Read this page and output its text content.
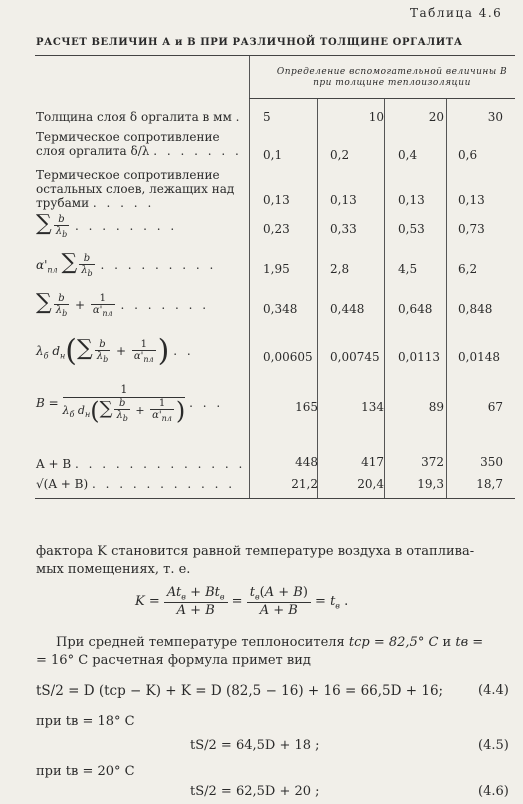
Таблица 4.6
РАСЧЕТ ВЕЛИЧИН А и В ПРИ РАЗЛИЧНОЙ ТОЛЩИНЕ ОРГАЛИТА
Определение вспомогательной величины В при толщине теплоизоляции
Толщина слоя δ оргалита в мм . 5	10	20	30
Термическое сопротивление слоя оргалита δ/λ . . . . . . .	0,1	0,2	0,4	0,6
Термическое сопротивление остальных слоев, лежащих над трубами . . . . .	0,13	0,13	0,13	0,13
∑ $\frac{b}{\lambda_b}$ . . . . . . . .	0,23	0,33	0,53	0,73
$\alpha'_{пл}$ ∑ $\frac{b}{\lambda_b}$ . . . . . . . . .	1,95	2,8	4,5	6,2
∑ $\frac{b}{\lambda_b} + \frac{1}{\alpha'_{пл}}$ . . . . . . .	0,348	0,448	0,648 0,848
$\lambda_б$ $d_н(\sum \frac{b}{\lambda_b} + \frac{1}{\alpha'_{пл}}$ ) . .	0,00605 0,00745 0,0113 0,0148
B =
1
$\lambda_б$ $d_н(\sum \frac{b}{\lambda_b} + \frac{1}{\alpha'_{пл}}$ ) . . .	165	134	89	67
A + B . . . . . . . . . . . . .	448	417	372	350
√(A + B) . . . . . . . . . . .	21,2	20,4	19,3	18,7
фактора K становится равной температуре воздуха в отаплива-
мых помещениях, т. е.
K =
$At_в + Bt_в$
A + B
=
$t_в(A + B)$
A + B
= $t_в$ .
При средней температуре теплоносителя tср = 82,5° С и tв =
= 16° С расчетная формула примет вид
tS/2 = D (tср − K) + K = D (82,5 − 16) + 16 = 66,5D + 16;	(4.4)
при tв = 18° С
tS/2 = 64,5D + 18 ;	(4.5)
при tв = 20° С
tS/2 = 62,5D + 20 ;	(4.6)
